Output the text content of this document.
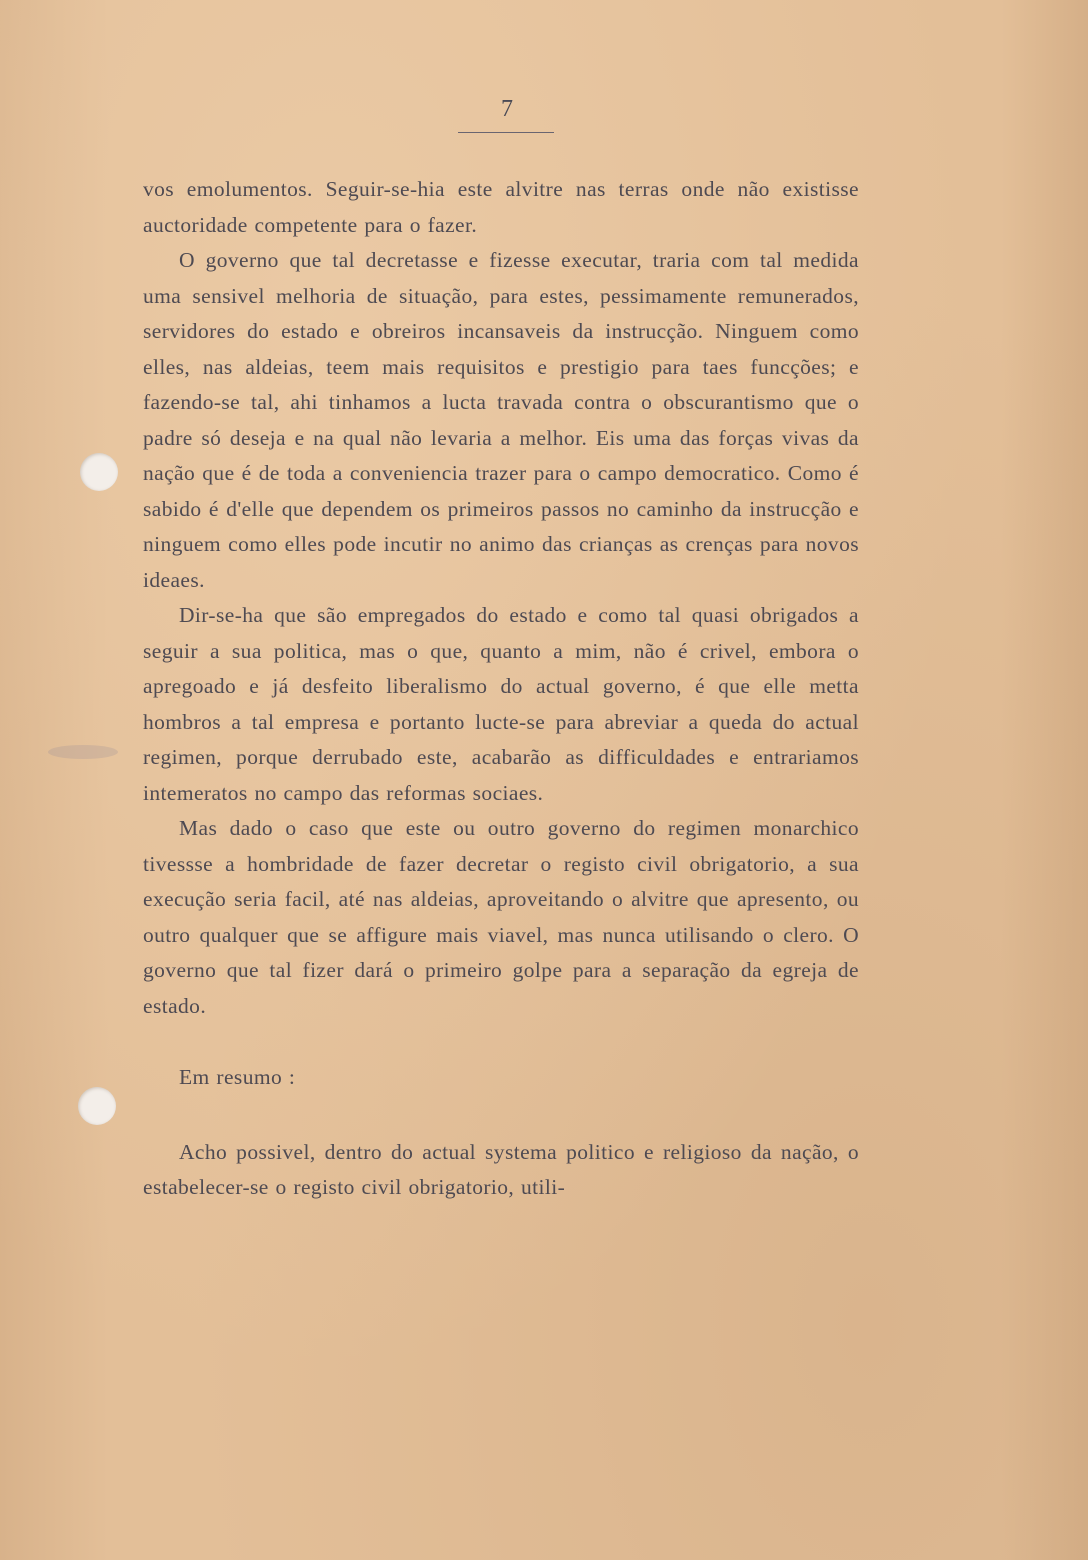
7

vos emolumentos. Seguir-se-hia este alvitre nas terras onde não existisse auctoridade competente para o fazer.

O governo que tal decretasse e fizesse executar, traria com tal medida uma sensivel melhoria de situação, para estes, pessimamente remunerados, servidores do estado e obreiros incansaveis da instrucção. Ninguem como elles, nas aldeias, teem mais requisitos e prestigio para taes funcções; e fazendo-se tal, ahi tinhamos a lucta travada contra o obscurantismo que o padre só deseja e na qual não levaria a melhor. Eis uma das forças vivas da nação que é de toda a conveniencia trazer para o campo democratico. Como é sabido é d'elle que dependem os primeiros passos no caminho da instrucção e ninguem como elles pode incutir no animo das crianças as crenças para novos ideaes.

Dir-se-ha que são empregados do estado e como tal quasi obrigados a seguir a sua politica, mas o que, quanto a mim, não é crivel, embora o apregoado e já desfeito liberalismo do actual governo, é que elle metta hombros a tal empresa e portanto lucte-se para abreviar a queda do actual regimen, porque derrubado este, acabarão as difficuldades e entrariamos intemeratos no campo das reformas sociaes.

Mas dado o caso que este ou outro governo do regimen monarchico tivessse a hombridade de fazer decretar o registo civil obrigatorio, a sua execução seria facil, até nas aldeias, aproveitando o alvitre que apresento, ou outro qualquer que se affigure mais viavel, mas nunca utilisando o clero. O governo que tal fizer dará o primeiro golpe para a separação da egreja de estado.

Em resumo :

Acho possivel, dentro do actual systema politico e religioso da nação, o estabelecer-se o registo civil obrigatorio, utili-
